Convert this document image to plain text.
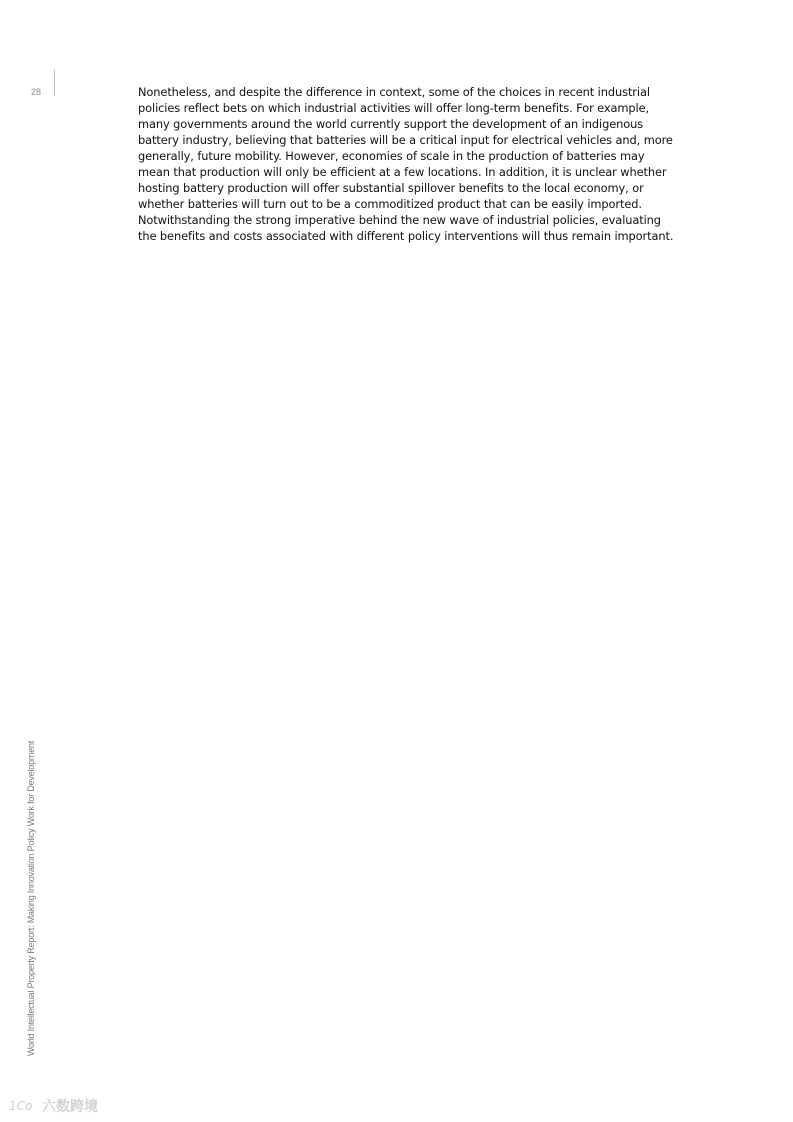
28	Nonetheless, and despite the difference in context, some of the choices in recent industrial
policies reflect bets on which industrial activities will offer long-term benefits. For example,
many governments around the world currently support the development of an indigenous
battery industry, believing that batteries will be a critical input for electrical vehicles and, more
generally, future mobility. However, economies of scale in the production of batteries may
mean that production will only be efficient at a few locations. In addition, it is unclear whether
hosting battery production will offer substantial spillover benefits to the local economy, or
whether batteries will turn out to be a commoditized product that can be easily imported.
Notwithstanding the strong imperative behind the new wave of industrial policies, evaluating
the benefits and costs associated with different policy interventions will thus remain important.
World Intellectual Property Report: Making Innovation Policy Work for Development
1Co 六数跨境
